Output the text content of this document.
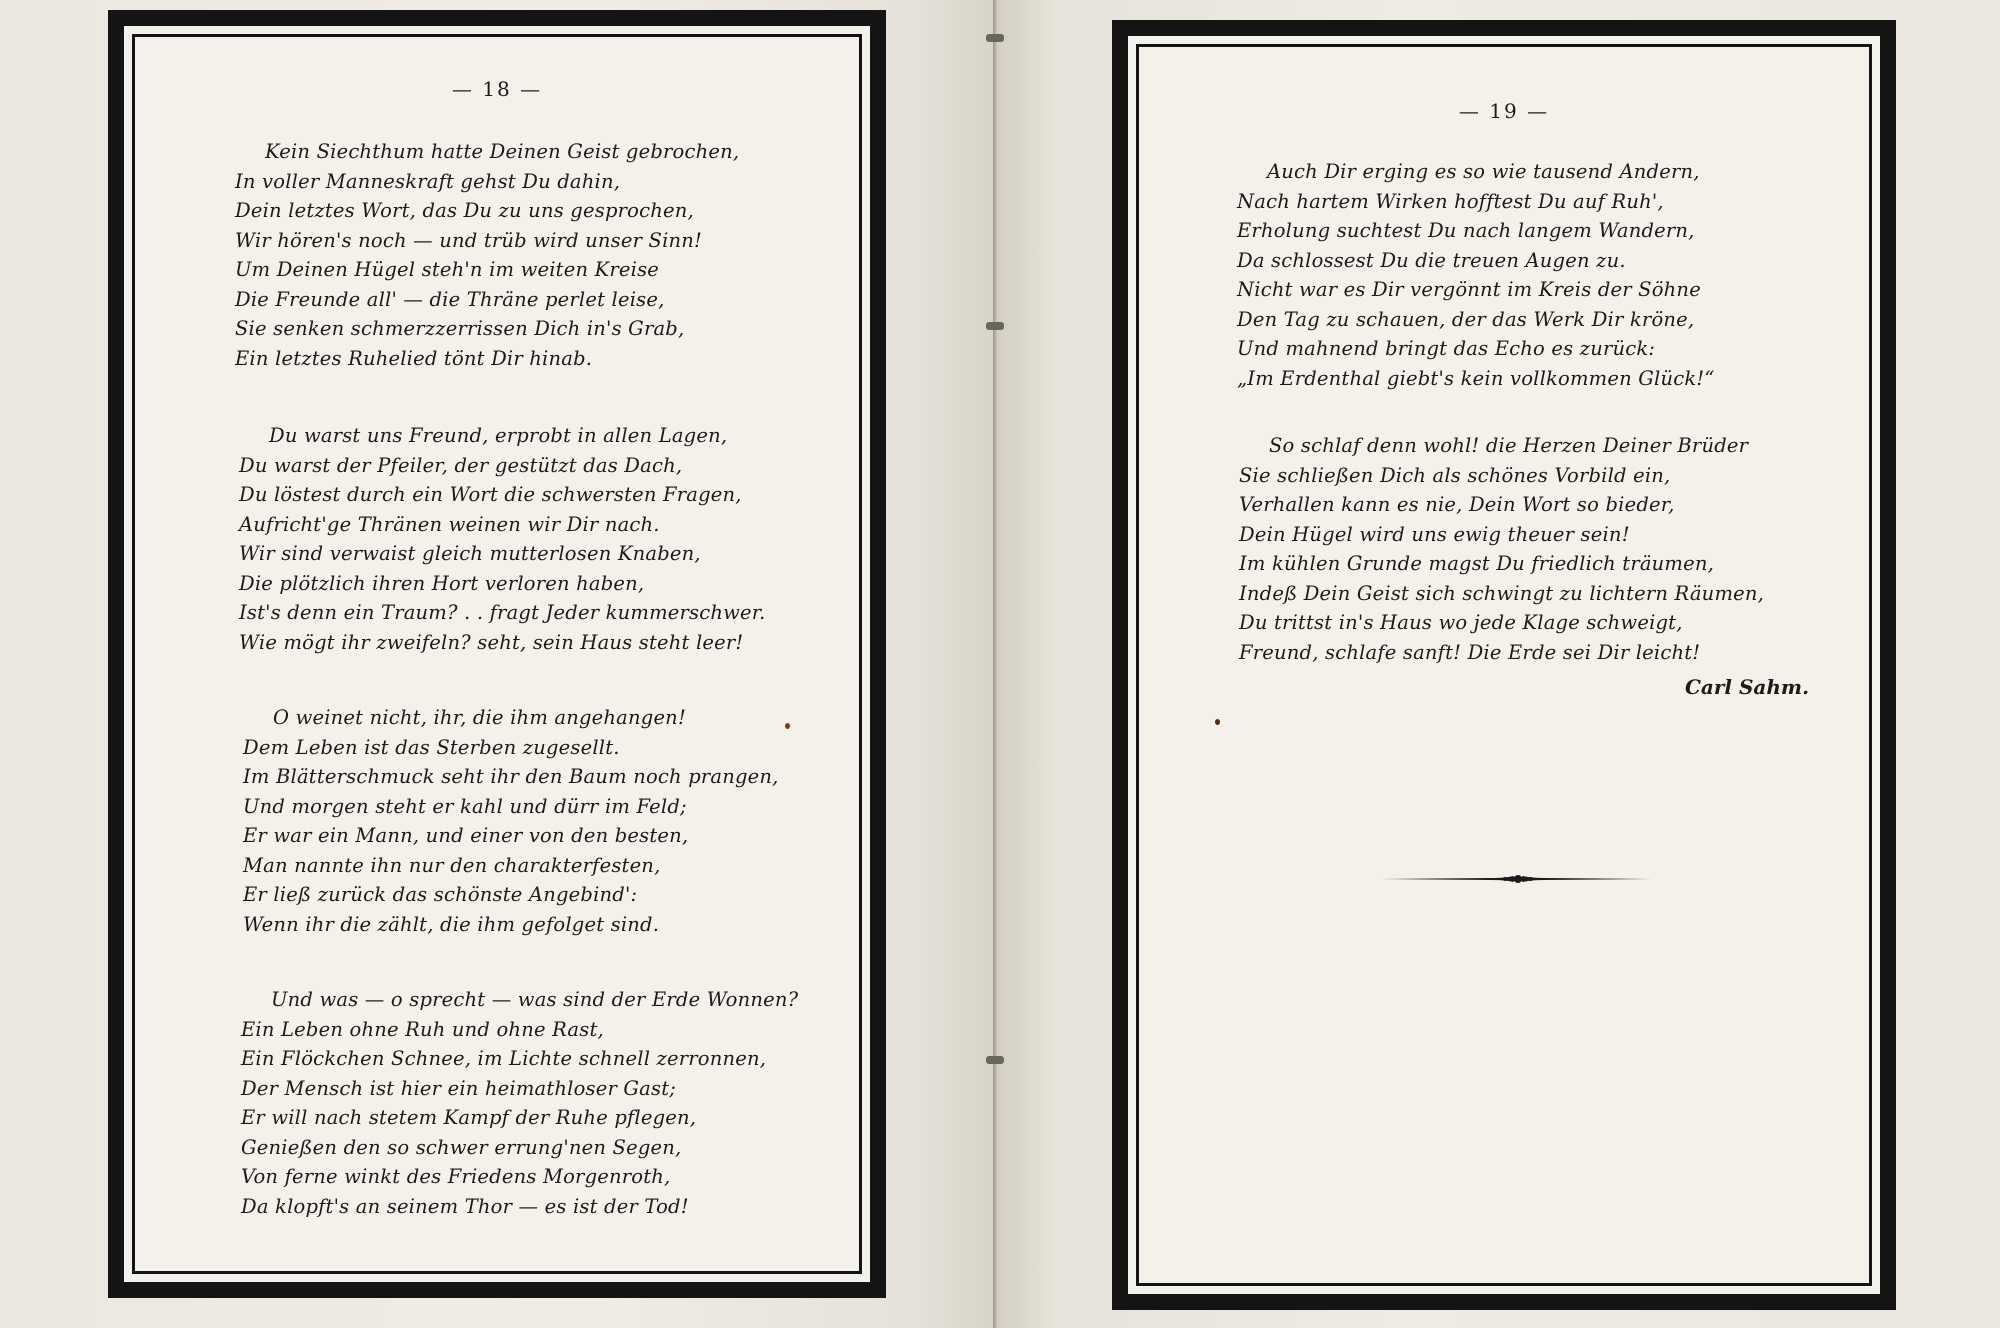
— 18 —
Kein Siechthum hatte Deinen Geist gebrochen,
In voller Manneskraft gehst Du dahin,
Dein letztes Wort, das Du zu uns gesprochen,
Wir hören's noch — und trüb wird unser Sinn!
Um Deinen Hügel steh'n im weiten Kreise
Die Freunde all' — die Thräne perlet leise,
Sie senken schmerzzerrissen Dich in's Grab,
Ein letztes Ruhelied tönt Dir hinab.
Du warst uns Freund, erprobt in allen Lagen,
Du warst der Pfeiler, der gestützt das Dach,
Du löstest durch ein Wort die schwersten Fragen,
Aufricht'ge Thränen weinen wir Dir nach.
Wir sind verwaist gleich mutterlosen Knaben,
Die plötzlich ihren Hort verloren haben,
Ist's denn ein Traum? . . fragt Jeder kummerschwer.
Wie mögt ihr zweifeln? seht, sein Haus steht leer!
O weinet nicht, ihr, die ihm angehangen!
Dem Leben ist das Sterben zugesellt.
Im Blätterschmuck seht ihr den Baum noch prangen,
Und morgen steht er kahl und dürr im Feld;
Er war ein Mann, und einer von den besten,
Man nannte ihn nur den charakterfesten,
Er ließ zurück das schönste Angebind':
Wenn ihr die zählt, die ihm gefolget sind.
Und was — o sprecht — was sind der Erde Wonnen?
Ein Leben ohne Ruh und ohne Rast,
Ein Flöckchen Schnee, im Lichte schnell zerronnen,
Der Mensch ist hier ein heimathloser Gast;
Er will nach stetem Kampf der Ruhe pflegen,
Genießen den so schwer errung'nen Segen,
Von ferne winkt des Friedens Morgenroth,
Da klopft's an seinem Thor — es ist der Tod!
— 19 —
Auch Dir erging es so wie tausend Andern,
Nach hartem Wirken hofftest Du auf Ruh',
Erholung suchtest Du nach langem Wandern,
Da schlossest Du die treuen Augen zu.
Nicht war es Dir vergönnt im Kreis der Söhne
Den Tag zu schauen, der das Werk Dir kröne,
Und mahnend bringt das Echo es zurück:
„Im Erdenthal giebt's kein vollkommen Glück!“
So schlaf denn wohl! die Herzen Deiner Brüder
Sie schließen Dich als schönes Vorbild ein,
Verhallen kann es nie, Dein Wort so bieder,
Dein Hügel wird uns ewig theuer sein!
Im kühlen Grunde magst Du friedlich träumen,
Indeß Dein Geist sich schwingt zu lichtern Räumen,
Du trittst in's Haus wo jede Klage schweigt,
Freund, schlafe sanft! Die Erde sei Dir leicht!
Carl Sahm.
